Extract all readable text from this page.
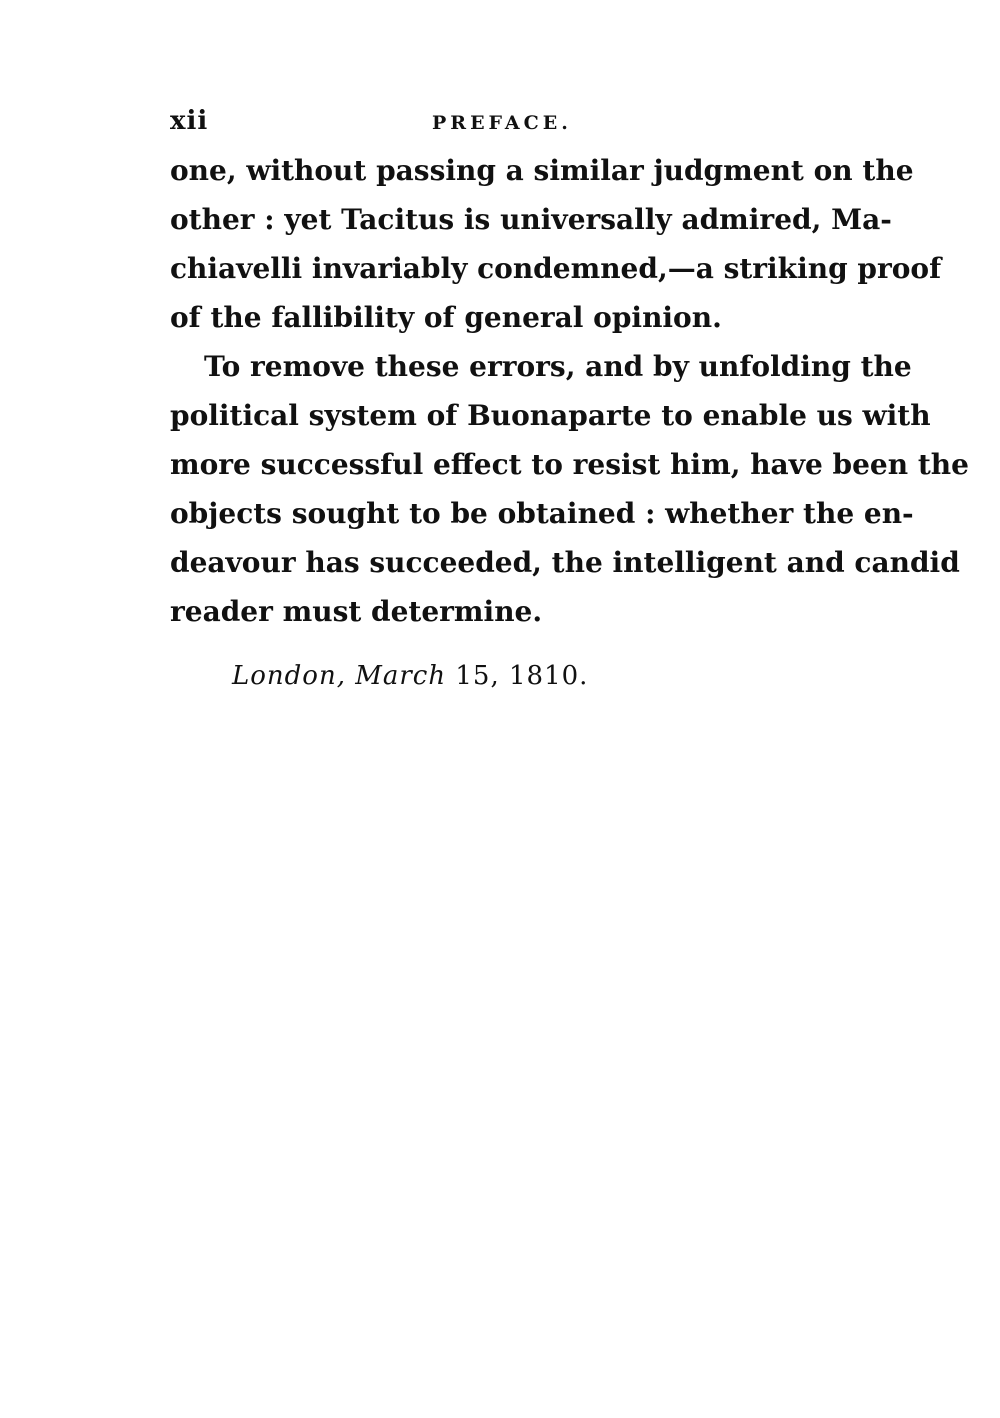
xii	PREFACE.
one, without passing a similar judgment on the
other : yet Tacitus is universally admired, Ma-
chiavelli invariably condemned,—a striking proof
of the fallibility of general opinion.
To remove these errors, and by unfolding the
political system of Buonaparte to enable us with
more successful effect to resist him, have been the
objects sought to be obtained : whether the en-
deavour has succeeded, the intelligent and candid
reader must determine.
London, March 15, 1810.
